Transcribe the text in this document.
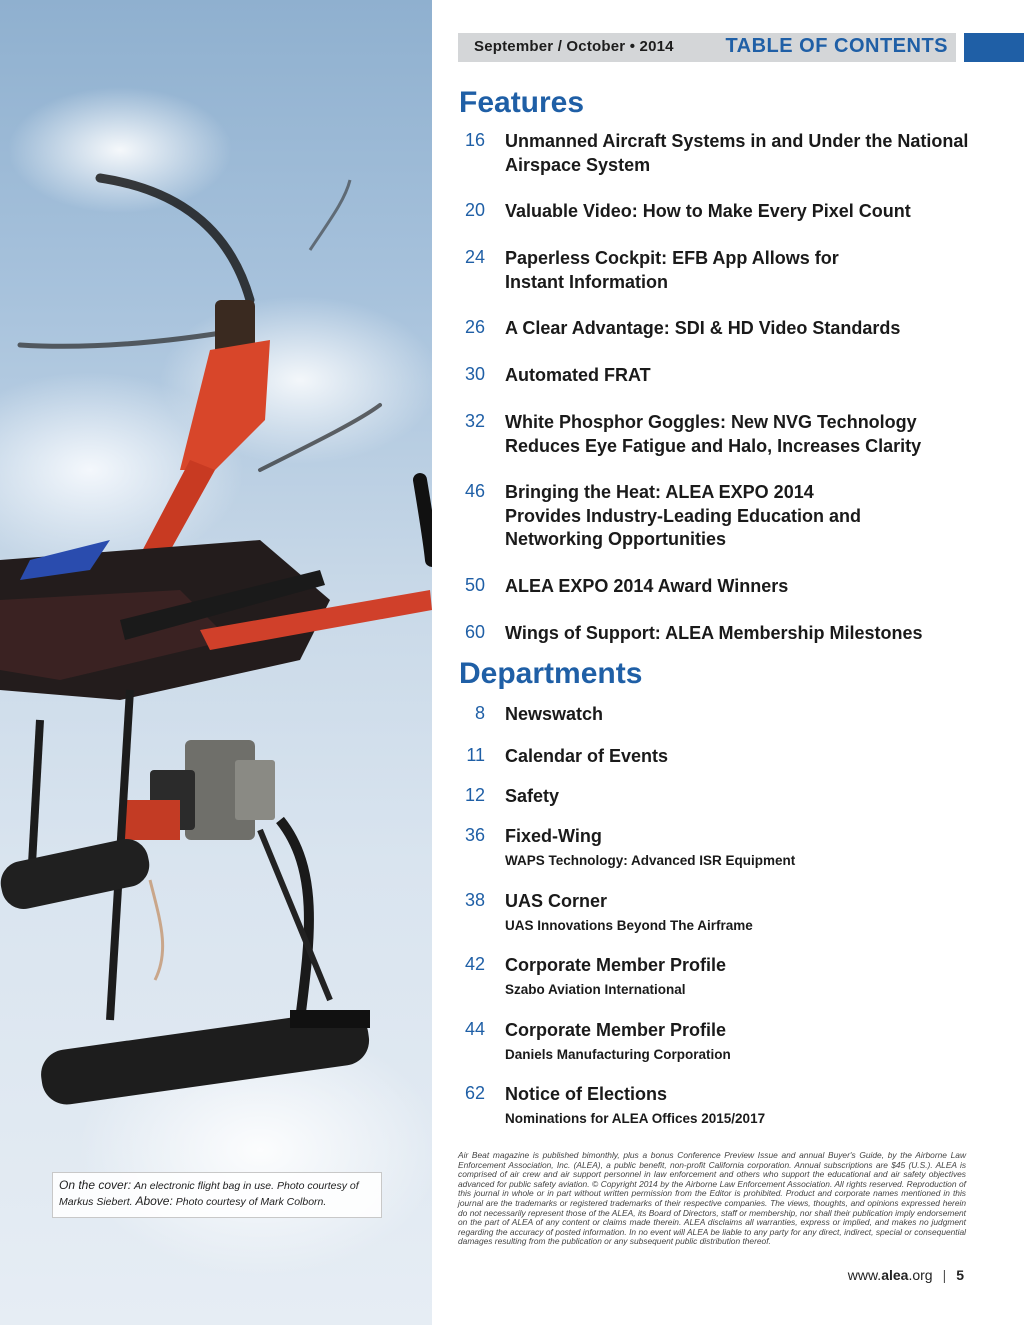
On the cover: An electronic flight bag in use. Photo courtesy of Markus Siebert. Above: Photo courtesy of Mark Colborn.
September / October • 2014	TABLE OF CONTENTS
Features
16 Unmanned Aircraft Systems in and Under the National Airspace System
20 Valuable Video: How to Make Every Pixel Count
24 Paperless Cockpit: EFB App Allows for Instant Information
26 A Clear Advantage: SDI & HD Video Standards
30 Automated FRAT
32 White Phosphor Goggles: New NVG Technology Reduces Eye Fatigue and Halo, Increases Clarity
46 Bringing the Heat: ALEA EXPO 2014 Provides Industry-Leading Education and Networking Opportunities
50 ALEA EXPO 2014 Award Winners
60 Wings of Support: ALEA Membership Milestones
Departments
8 Newswatch
11 Calendar of Events
12 Safety
36 Fixed-Wing
WAPS Technology: Advanced ISR Equipment
38 UAS Corner
UAS Innovations Beyond The Airframe
42 Corporate Member Profile
Szabo Aviation International
44 Corporate Member Profile
Daniels Manufacturing Corporation
62 Notice of Elections
Nominations for ALEA Offices 2015/2017
Air Beat magazine is published bimonthly, plus a bonus Conference Preview Issue and annual Buyer's Guide, by the Airborne Law Enforcement Association, Inc. (ALEA), a public benefit, non-profit California corporation. Annual subscriptions are $45 (U.S.). ALEA is comprised of air crew and air support personnel in law enforcement and others who support the educational and air safety objectives advanced for public safety aviation. © Copyright 2014 by the Airborne Law Enforcement Association. All rights reserved. Reproduction of this journal in whole or in part without written permission from the Editor is prohibited. Product and corporate names mentioned in this journal are the trademarks or registered trademarks of their respective companies. The views, thoughts, and opinions expressed herein do not necessarily represent those of the ALEA, its Board of Directors, staff or membership, nor shall their publication imply endorsement on the part of ALEA of any content or claims made therein. ALEA disclaims all warranties, express or implied, and makes no judgment regarding the accuracy of posted information. In no event will ALEA be liable to any party for any direct, indirect, special or consequential damages resulting from the publication or any subsequent public distribution thereof.
www.alea.org | 5
